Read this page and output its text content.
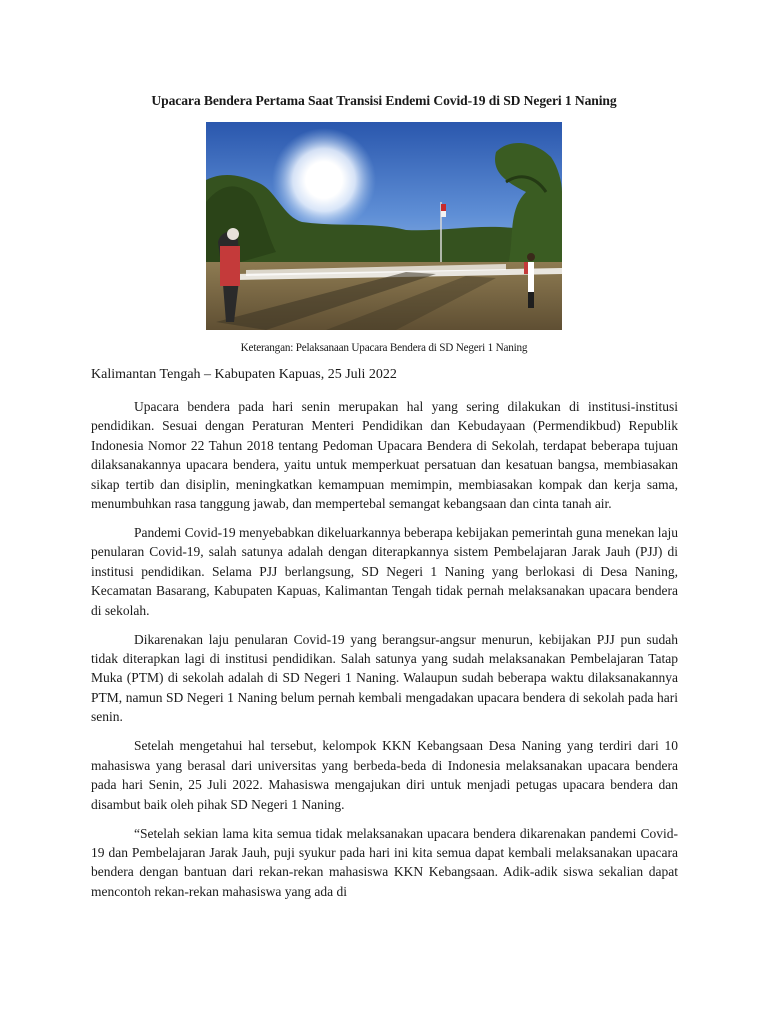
Upacara Bendera Pertama Saat Transisi Endemi Covid-19 di SD Negeri 1 Naning
Keterangan: Pelaksanaan Upacara Bendera di SD Negeri 1 Naning
Kalimantan Tengah – Kabupaten Kapuas, 25 Juli 2022

Upacara bendera pada hari senin merupakan hal yang sering dilakukan di institusi-institusi pendidikan. Sesuai dengan Peraturan Menteri Pendidikan dan Kebudayaan (Permendikbud) Republik Indonesia Nomor 22 Tahun 2018 tentang Pedoman Upacara Bendera di Sekolah, terdapat beberapa tujuan dilaksanakannya upacara bendera, yaitu untuk memperkuat persatuan dan kesatuan bangsa, membiasakan sikap tertib dan disiplin, meningkatkan kemampuan memimpin, membiasakan kompak dan kerja sama, menumbuhkan rasa tanggung jawab, dan mempertebal semangat kebangsaan dan cinta tanah air.

Pandemi Covid-19 menyebabkan dikeluarkannya beberapa kebijakan pemerintah guna menekan laju penularan Covid-19, salah satunya adalah dengan diterapkannya sistem Pembelajaran Jarak Jauh (PJJ) di institusi pendidikan. Selama PJJ berlangsung, SD Negeri 1 Naning yang berlokasi di Desa Naning, Kecamatan Basarang, Kabupaten Kapuas, Kalimantan Tengah tidak pernah melaksanakan upacara bendera di sekolah.

Dikarenakan laju penularan Covid-19 yang berangsur-angsur menurun, kebijakan PJJ pun sudah tidak diterapkan lagi di institusi pendidikan. Salah satunya yang sudah melaksanakan Pembelajaran Tatap Muka (PTM) di sekolah adalah di SD Negeri 1 Naning. Walaupun sudah beberapa waktu dilaksanakannya PTM, namun SD Negeri 1 Naning belum pernah kembali mengadakan upacara bendera di sekolah pada hari senin.

Setelah mengetahui hal tersebut, kelompok KKN Kebangsaan Desa Naning yang terdiri dari 10 mahasiswa yang berasal dari universitas yang berbeda-beda di Indonesia melaksanakan upacara bendera pada hari Senin, 25 Juli 2022. Mahasiswa mengajukan diri untuk menjadi petugas upacara bendera dan disambut baik oleh pihak SD Negeri 1 Naning.

“Setelah sekian lama kita semua tidak melaksanakan upacara bendera dikarenakan pandemi Covid-19 dan Pembelajaran Jarak Jauh, puji syukur pada hari ini kita semua dapat kembali melaksanakan upacara bendera dengan bantuan dari rekan-rekan mahasiswa KKN Kebangsaan. Adik-adik siswa sekalian dapat mencontoh rekan-rekan mahasiswa yang ada di
